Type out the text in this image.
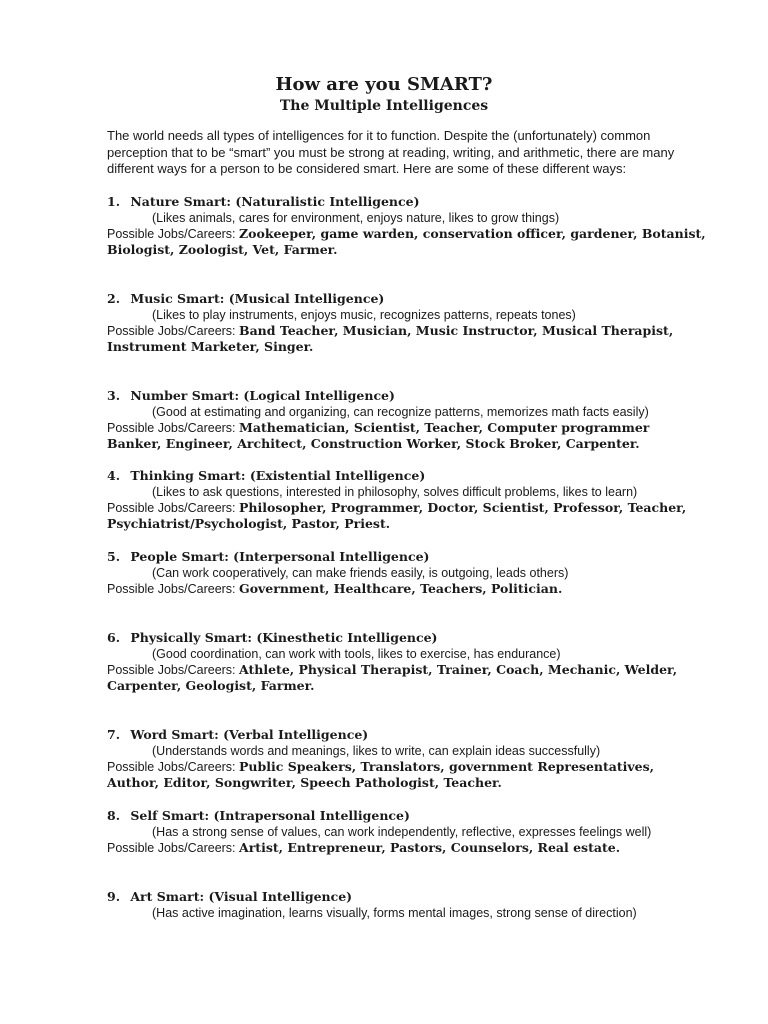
How are you SMART?
The Multiple Intelligences

The world needs all types of intelligences for it to function. Despite the (unfortunately) common perception that to be “smart” you must be strong at reading, writing, and arithmetic, there are many different ways for a person to be considered smart. Here are some of these different ways:

1. Nature Smart: (Naturalistic Intelligence)
(Likes animals, cares for environment, enjoys nature, likes to grow things)
Possible Jobs/Careers: Zookeeper, game warden, conservation officer, gardener, Botanist, Biologist, Zoologist, Vet, Farmer.
2. Music Smart: (Musical Intelligence)
(Likes to play instruments, enjoys music, recognizes patterns, repeats tones)
Possible Jobs/Careers: Band Teacher, Musician, Music Instructor, Musical Therapist, Instrument Marketer, Singer.
3. Number Smart: (Logical Intelligence)
(Good at estimating and organizing, can recognize patterns, memorizes math facts easily)
Possible Jobs/Careers: Mathematician, Scientist, Teacher, Computer programmer Banker, Engineer, Architect, Construction Worker, Stock Broker, Carpenter.
4. Thinking Smart: (Existential Intelligence)
(Likes to ask questions, interested in philosophy, solves difficult problems, likes to learn)
Possible Jobs/Careers: Philosopher, Programmer, Doctor, Scientist, Professor, Teacher, Psychiatrist/Psychologist, Pastor, Priest.
5. People Smart: (Interpersonal Intelligence)
(Can work cooperatively, can make friends easily, is outgoing, leads others)
Possible Jobs/Careers: Government, Healthcare, Teachers, Politician.
6. Physically Smart: (Kinesthetic Intelligence)
(Good coordination, can work with tools, likes to exercise, has endurance)
Possible Jobs/Careers: Athlete, Physical Therapist, Trainer, Coach, Mechanic, Welder, Carpenter, Geologist, Farmer.
7. Word Smart: (Verbal Intelligence)
(Understands words and meanings, likes to write, can explain ideas successfully)
Possible Jobs/Careers: Public Speakers, Translators, government Representatives, Author, Editor, Songwriter, Speech Pathologist, Teacher.
8. Self Smart: (Intrapersonal Intelligence)
(Has a strong sense of values, can work independently, reflective, expresses feelings well)
Possible Jobs/Careers: Artist, Entrepreneur, Pastors, Counselors, Real estate.
9. Art Smart: (Visual Intelligence)
(Has active imagination, learns visually, forms mental images, strong sense of direction)
